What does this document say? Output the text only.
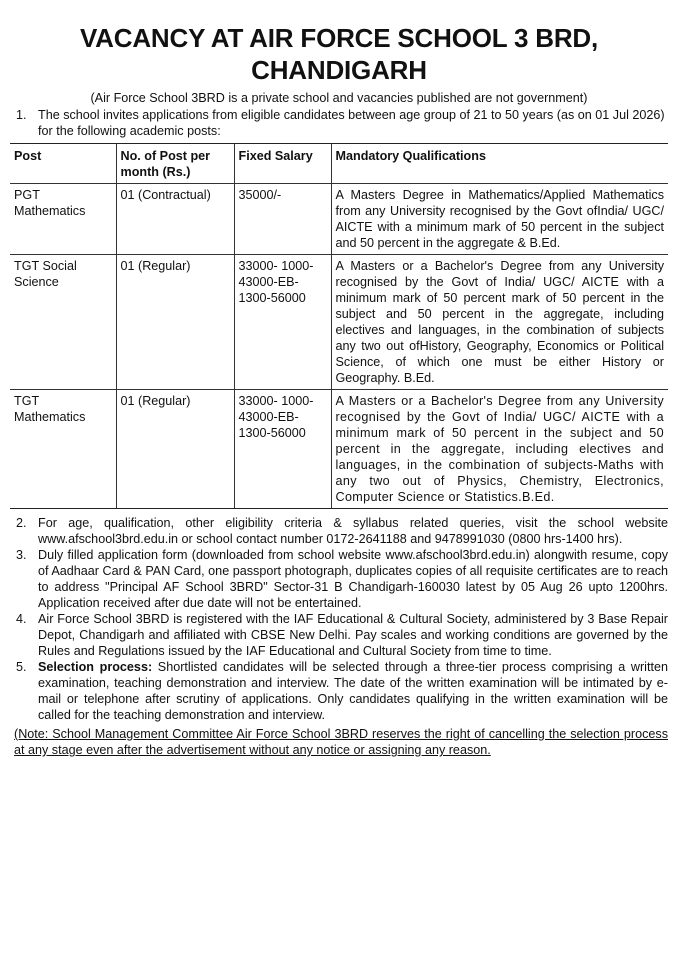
VACANCY AT AIR FORCE SCHOOL 3 BRD, CHANDIGARH
(Air Force School 3BRD is a private school and vacancies published are not government)
1. The school invites applications from eligible candidates between age group of 21 to 50 years (as on 01 Jul 2026) for the following academic posts:
Post	No. of Post per month (Rs.)	Fixed Salary	Mandatory Qualifications
PGT Mathematics	01 (Contractual)	35000/-	A Masters Degree in Mathematics/Applied Mathematics from any University recognised by the Govt ofIndia/ UGC/ AICTE with a minimum mark of 50 percent in the subject and 50 percent in the aggregate & B.Ed.
TGT Social Science	01 (Regular)	33000- 1000- 43000-EB- 1300-56000	A Masters or a Bachelor's Degree from any University recognised by the Govt of India/ UGC/ AICTE with a minimum mark of 50 percent mark of 50 percent in the subject and 50 percent in the aggregate, including electives and languages, in the combination of subjects any two out ofHistory, Geography, Economics or Political Science, of which one must be either History or Geography. B.Ed.
TGT Mathematics	01 (Regular)	33000- 1000- 43000-EB- 1300-56000	A Masters or a Bachelor's Degree from any University recognised by the Govt of India/ UGC/ AICTE with a minimum mark of 50 percent in the subject and 50 percent in the aggregate, including electives and languages, in the combination of subjects-Maths with any two out of Physics, Chemistry, Electronics, Computer Science or Statistics.B.Ed.
2. For age, qualification, other eligibility criteria & syllabus related queries, visit the school website www.afschool3brd.edu.in or school contact number 0172-2641188 and 9478991030 (0800 hrs-1400 hrs).
3. Duly filled application form (downloaded from school website www.afschool3brd.edu.in) alongwith resume, copy of Aadhaar Card & PAN Card, one passport photograph, duplicates copies of all requisite certificates are to reach to address "Principal AF School 3BRD" Sector-31 B Chandigarh-160030 latest by 05 Aug 26 upto 1200hrs. Application received after due date will not be entertained.
4. Air Force School 3BRD is registered with the IAF Educational & Cultural Society, administered by 3 Base Repair Depot, Chandigarh and affiliated with CBSE New Delhi. Pay scales and working conditions are governed by the Rules and Regulations issued by the IAF Educational and Cultural Society from time to time.
5. Selection process: Shortlisted candidates will be selected through a three-tier process comprising a written examination, teaching demonstration and interview. The date of the written examination will be intimated by e-mail or telephone after scrutiny of applications. Only candidates qualifying in the written examination will be called for the teaching demonstration and interview.
(Note: School Management Committee Air Force School 3BRD reserves the right of cancelling the selection process at any stage even after the advertisement without any notice or assigning any reason.
